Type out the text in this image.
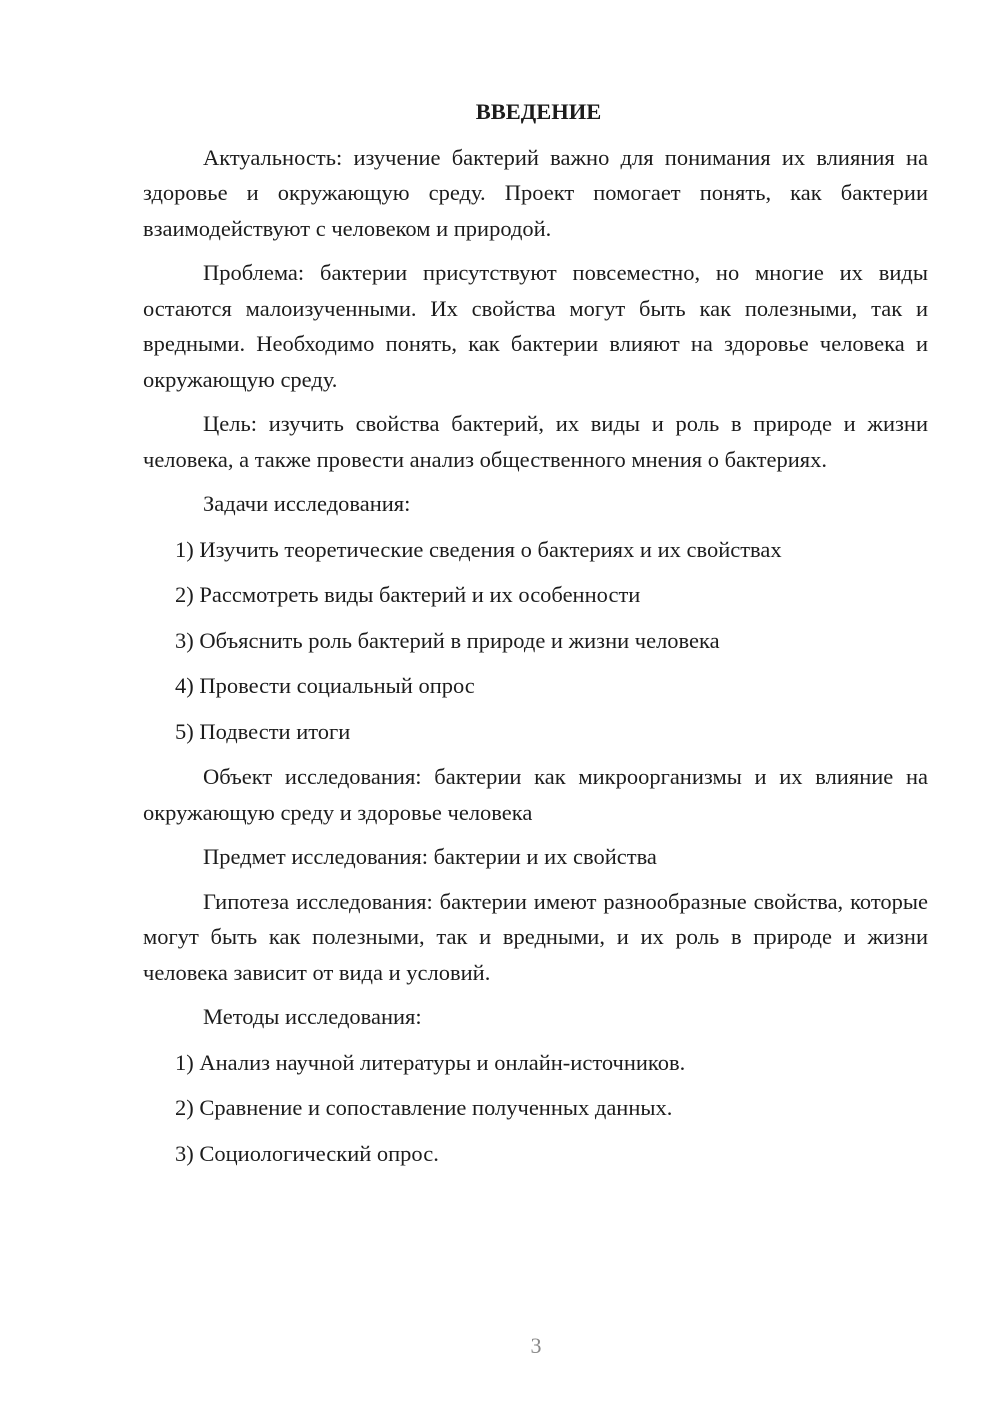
ВВЕДЕНИЕ

Актуальность: изучение бактерий важно для понимания их влияния на здоровье и окружающую среду. Проект помогает понять, как бактерии взаимодействуют с человеком и природой.

Проблема: бактерии присутствуют повсеместно, но многие их виды остаются малоизученными. Их свойства могут быть как полезными, так и вредными. Необходимо понять, как бактерии влияют на здоровье человека и окружающую среду.

Цель: изучить свойства бактерий, их виды и роль в природе и жизни человека, а также провести анализ общественного мнения о бактериях.

Задачи исследования:

1) Изучить теоретические сведения о бактериях и их свойствах
2) Рассмотреть виды бактерий и их особенности
3) Объяснить роль бактерий в природе и жизни человека
4) Провести социальный опрос
5) Подвести итоги

Объект исследования: бактерии как микроорганизмы и их влияние на окружающую среду и здоровье человека

Предмет исследования: бактерии и их свойства

Гипотеза исследования: бактерии имеют разнообразные свойства, которые могут быть как полезными, так и вредными, и их роль в природе и жизни человека зависит от вида и условий.

Методы исследования:

1) Анализ научной литературы и онлайн-источников.
2) Сравнение и сопоставление полученных данных.
3) Социологический опрос.
3
